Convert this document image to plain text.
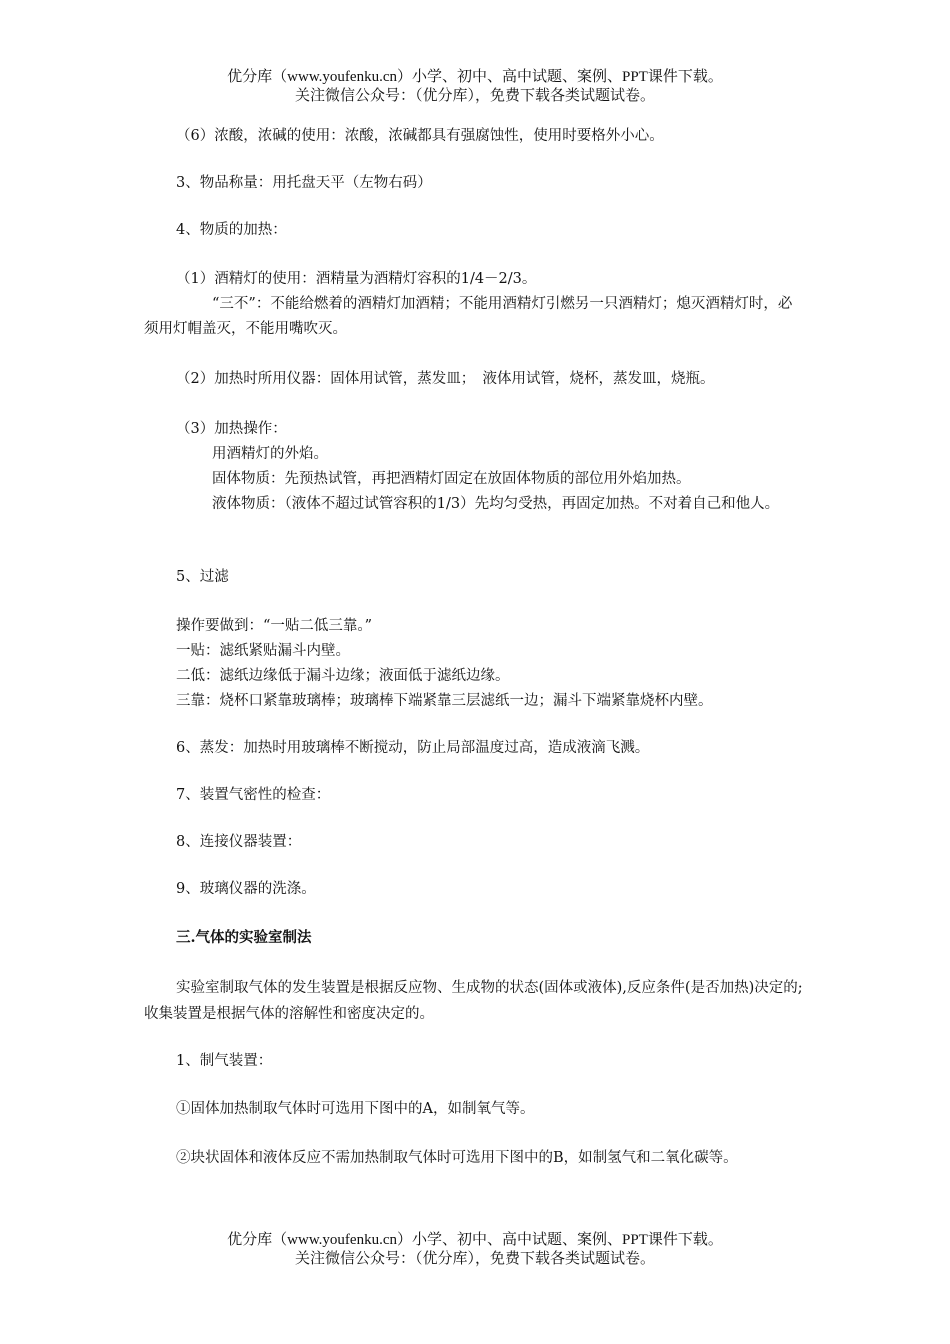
优分库（www.youfenku.cn）小学、初中、高中试题、案例、PPT课件下载。
关注微信公众号：（优分库），免费下载各类试题试卷。
（6）浓酸，浓碱的使用：浓酸，浓碱都具有强腐蚀性，使用时要格外小心。
3、物品称量：用托盘天平（左物右码）
4、物质的加热：
（1）酒精灯的使用：酒精量为酒精灯容积的1/4－2/3。
“三不”：不能给燃着的酒精灯加酒精；不能用酒精灯引燃另一只酒精灯；熄灭酒精灯时，必须用灯帽盖灭，不能用嘴吹灭。
（2）加热时所用仪器：固体用试管，蒸发皿；　液体用试管，烧杯，蒸发皿，烧瓶。
（3）加热操作：
用酒精灯的外焰。
固体物质：先预热试管，再把酒精灯固定在放固体物质的部位用外焰加热。
液体物质：（液体不超过试管容积的1/3）先均匀受热，再固定加热。不对着自己和他人。
5、过滤
操作要做到：“一贴二低三靠。”
一贴：滤纸紧贴漏斗内壁。
二低：滤纸边缘低于漏斗边缘；液面低于滤纸边缘。
三靠：烧杯口紧靠玻璃棒；玻璃棒下端紧靠三层滤纸一边；漏斗下端紧靠烧杯内壁。
6、蒸发：加热时用玻璃棒不断搅动，防止局部温度过高，造成液滴飞溅。
7、装置气密性的检查：
8、连接仪器装置：
9、玻璃仪器的洗涤。
三.气体的实验室制法
实验室制取气体的发生装置是根据反应物、生成物的状态(固体或液体),反应条件(是否加热)决定的;收集装置是根据气体的溶解性和密度决定的。
1、制气装置：
①固体加热制取气体时可选用下图中的A，如制氧气等。
②块状固体和液体反应不需加热制取气体时可选用下图中的B，如制氢气和二氧化碳等。
优分库（www.youfenku.cn）小学、初中、高中试题、案例、PPT课件下载。
关注微信公众号：（优分库），免费下载各类试题试卷。
